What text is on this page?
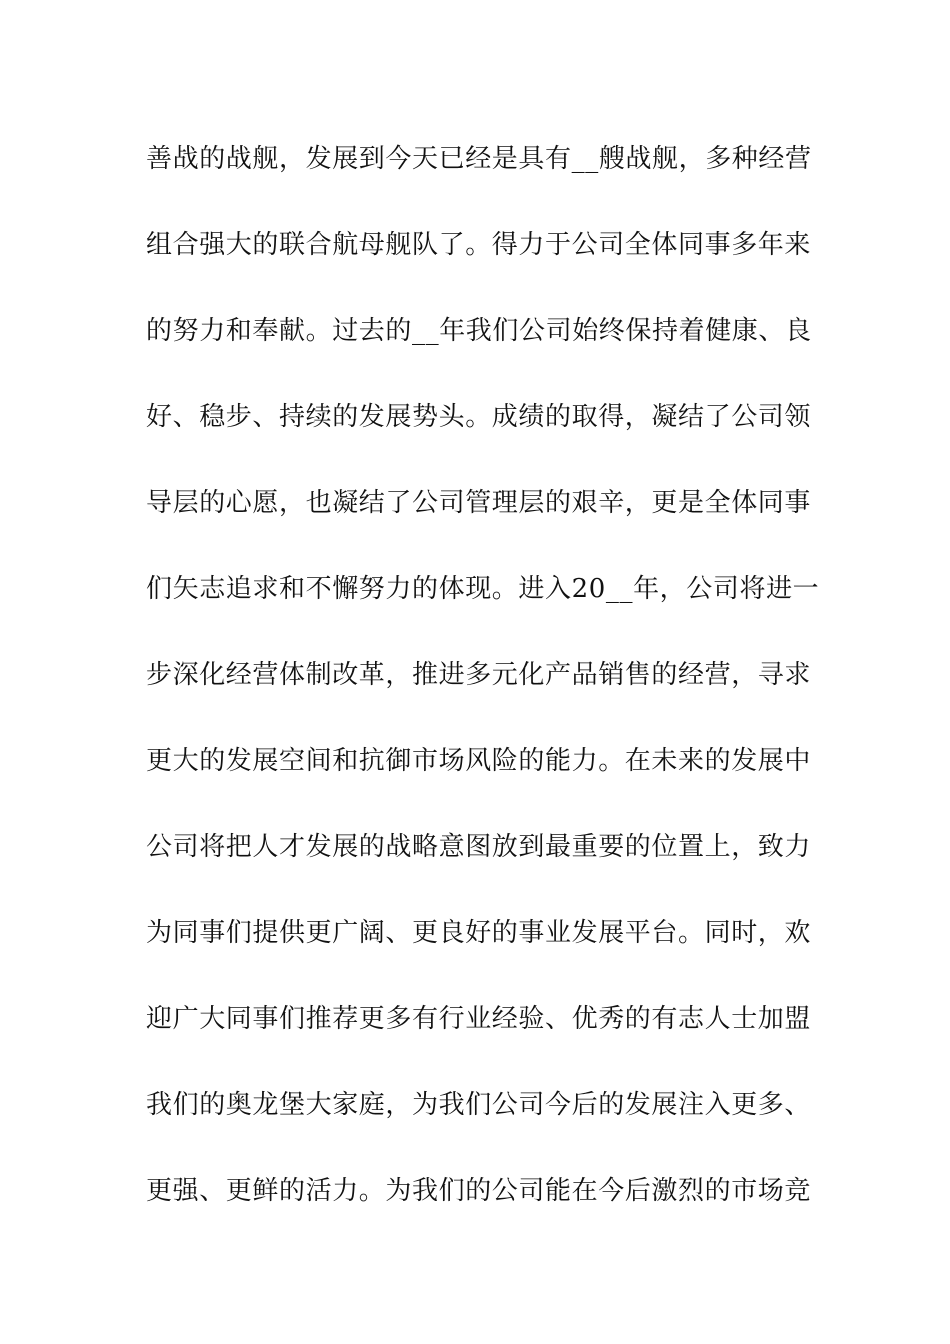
善战的战舰，发展到今天已经是具有__艘战舰，多种经营
组合强大的联合航母舰队了。得力于公司全体同事多年来
的努力和奉献。过去的__年我们公司始终保持着健康、良
好、稳步、持续的发展势头。成绩的取得，凝结了公司领
导层的心愿，也凝结了公司管理层的艰辛，更是全体同事
们矢志追求和不懈努力的体现。进入20__年，公司将进一
步深化经营体制改革，推进多元化产品销售的经营，寻求
更大的发展空间和抗御市场风险的能力。在未来的发展中
公司将把人才发展的战略意图放到最重要的位置上，致力
为同事们提供更广阔、更良好的事业发展平台。同时，欢
迎广大同事们推荐更多有行业经验、优秀的有志人士加盟
我们的奥龙堡大家庭，为我们公司今后的发展注入更多、
更强、更鲜的活力。为我们的公司能在今后激烈的市场竞
